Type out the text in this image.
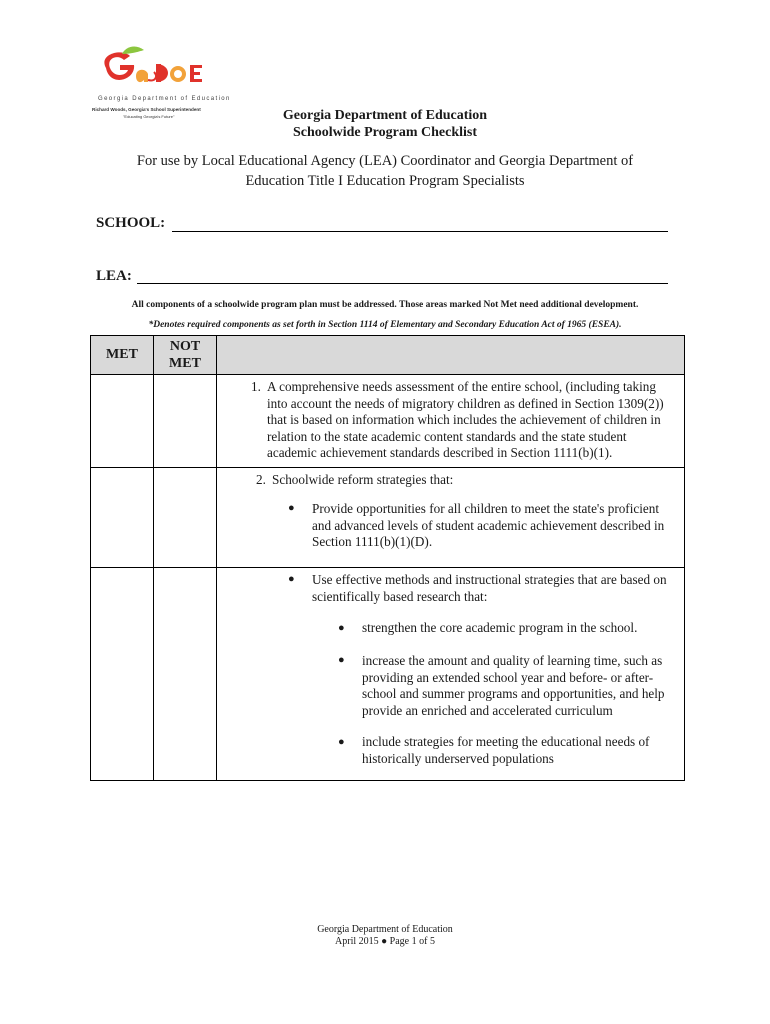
Georgia Department of Education
Richard Woods, Georgia's School Superintendent
"Educating Georgia's Future"	Georgia Department of Education
Schoolwide Program Checklist
For use by Local Educational Agency (LEA) Coordinator and Georgia Department of Education Title I Education Program Specialists
SCHOOL:
LEA:
All components of a schoolwide program plan must be addressed. Those areas marked Not Met need additional development.
*Denotes required components as set forth in Section 1114 of Elementary and Secondary Education Act of 1965 (ESEA).
MET
NOT MET
1. A comprehensive needs assessment of the entire school, (including taking into account the needs of migratory children as defined in Section 1309(2)) that is based on information which includes the achievement of children in relation to the state academic content standards and the state student academic achievement standards described in Section 1111(b)(1).
2. Schoolwide reform strategies that:
● Provide opportunities for all children to meet the state's proficient and advanced levels of student academic achievement described in Section 1111(b)(1)(D).
● Use effective methods and instructional strategies that are based on scientifically based research that:
● strengthen the core academic program in the school.
● increase the amount and quality of learning time, such as providing an extended school year and before- or after-school and summer programs and opportunities, and help provide an enriched and accelerated curriculum
● include strategies for meeting the educational needs of historically underserved populations
Georgia Department of Education
April 2015 ● Page 1 of 5
